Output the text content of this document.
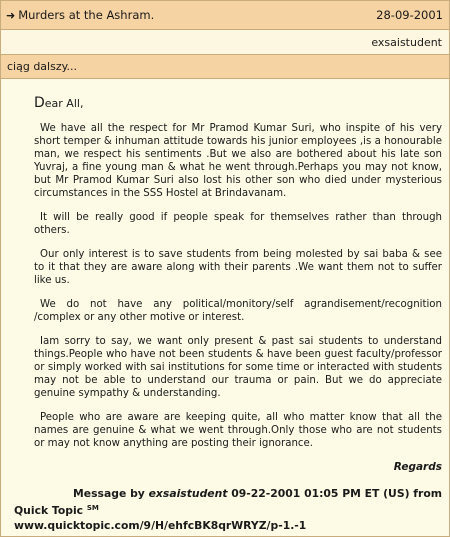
➜ Murders at the Ashram.	28-09-2001
exsaistudent
ciąg dalszy...

Dear All,

We have all the respect for Mr Pramod Kumar Suri, who inspite of his very short temper & inhuman attitude towards his junior employees ,is a honourable man, we respect his sentiments .But we also are bothered about his late son Yuvraj, a fine young man & what he went through.Perhaps you may not know, but Mr Pramod Kumar Suri also lost his other son who died under mysterious circumstances in the SSS Hostel at Brindavanam.

It will be really good if people speak for themselves rather than through others.

Our only interest is to save students from being molested by sai baba & see to it that they are aware along with their parents .We want them not to suffer like us.

We do not have any political/monitory/self agrandisement/recognition /complex or any other motive or interest.

Iam sorry to say, we want only present & past sai students to understand things.People who have not been students & have been guest faculty/professor or simply worked with sai institutions for some time or interacted with students may not be able to understand our trauma or pain. But we do appreciate genuine sympathy & understanding.

People who are aware are keeping quite, all who matter know that all the names are genuine & what we went through.Only those who are not students or may not know anything are posting their ignorance.

Regards
Message by exsaistudent 09-22-2001 01:05 PM ET (US) from
Quick Topic ℠
www.quicktopic.com/9/H/ehfcBK8qrWRYZ/p-1.-1
